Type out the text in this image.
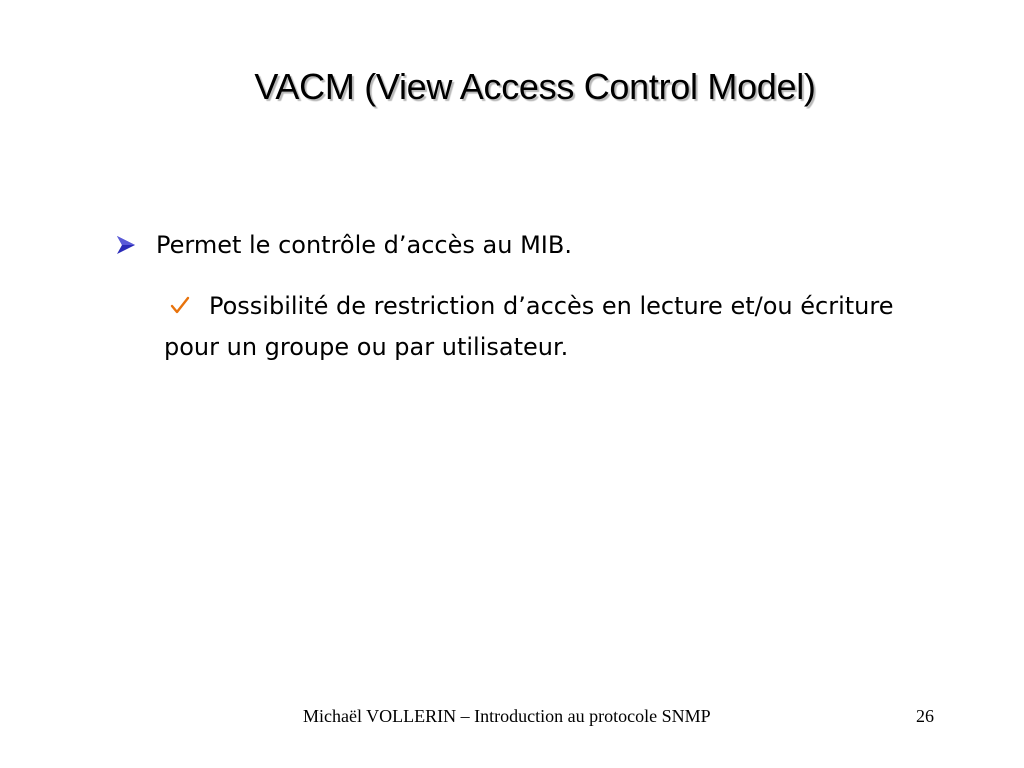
VACM (View Access Control Model)
Permet le contrôle d’accès au MIB.
Possibilité de restriction d’accès en lecture et/ou écriture pour un groupe ou par utilisateur.
Michaël VOLLERIN – Introduction au protocole SNMP	26
